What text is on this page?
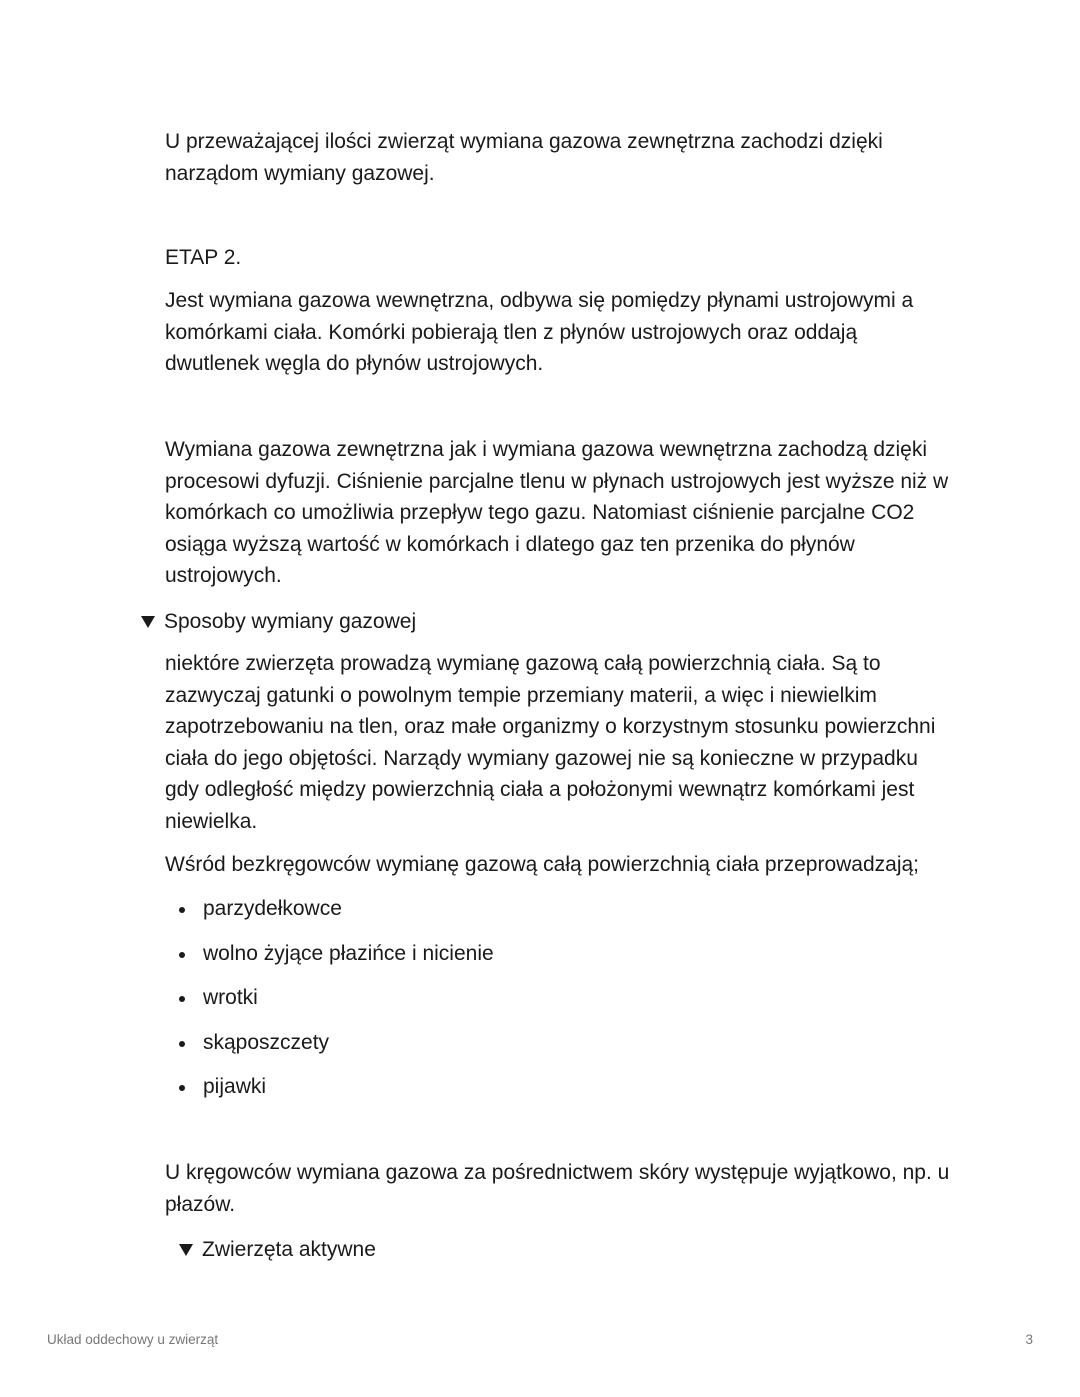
U przeważającej ilości zwierząt wymiana gazowa zewnętrzna zachodzi dzięki narządom wymiany gazowej.

ETAP 2.

Jest wymiana gazowa wewnętrzna, odbywa się pomiędzy płynami ustrojowymi a komórkami ciała. Komórki pobierają tlen z płynów ustrojowych oraz oddają dwutlenek węgla do płynów ustrojowych.

Wymiana gazowa zewnętrzna jak i wymiana gazowa wewnętrzna zachodzą dzięki procesowi dyfuzji. Ciśnienie parcjalne tlenu w płynach ustrojowych jest wyższe niż w komórkach co umożliwia przepływ tego gazu. Natomiast ciśnienie parcjalne CO2 osiąga wyższą wartość w komórkach i dlatego gaz ten przenika do płynów ustrojowych.

Sposoby wymiany gazowej

niektóre zwierzęta prowadzą wymianę gazową całą powierzchnią ciała. Są to zazwyczaj gatunki o powolnym tempie przemiany materii, a więc i niewielkim zapotrzebowaniu na tlen, oraz małe organizmy o korzystnym stosunku powierzchni ciała do jego objętości. Narządy wymiany gazowej nie są konieczne w przypadku gdy odległość między powierzchnią ciała a położonymi wewnątrz komórkami jest niewielka.

Wśród bezkręgowców wymianę gazową całą powierzchnią ciała przeprowadzają;

parzydełkowce
wolno żyjące płazińce i nicienie
wrotki
skąposzczety
pijawki

U kręgowców wymiana gazowa za pośrednictwem skóry występuje wyjątkowo, np. u płazów.

Zwierzęta aktywne
Układ oddechowy u zwierząt	3
